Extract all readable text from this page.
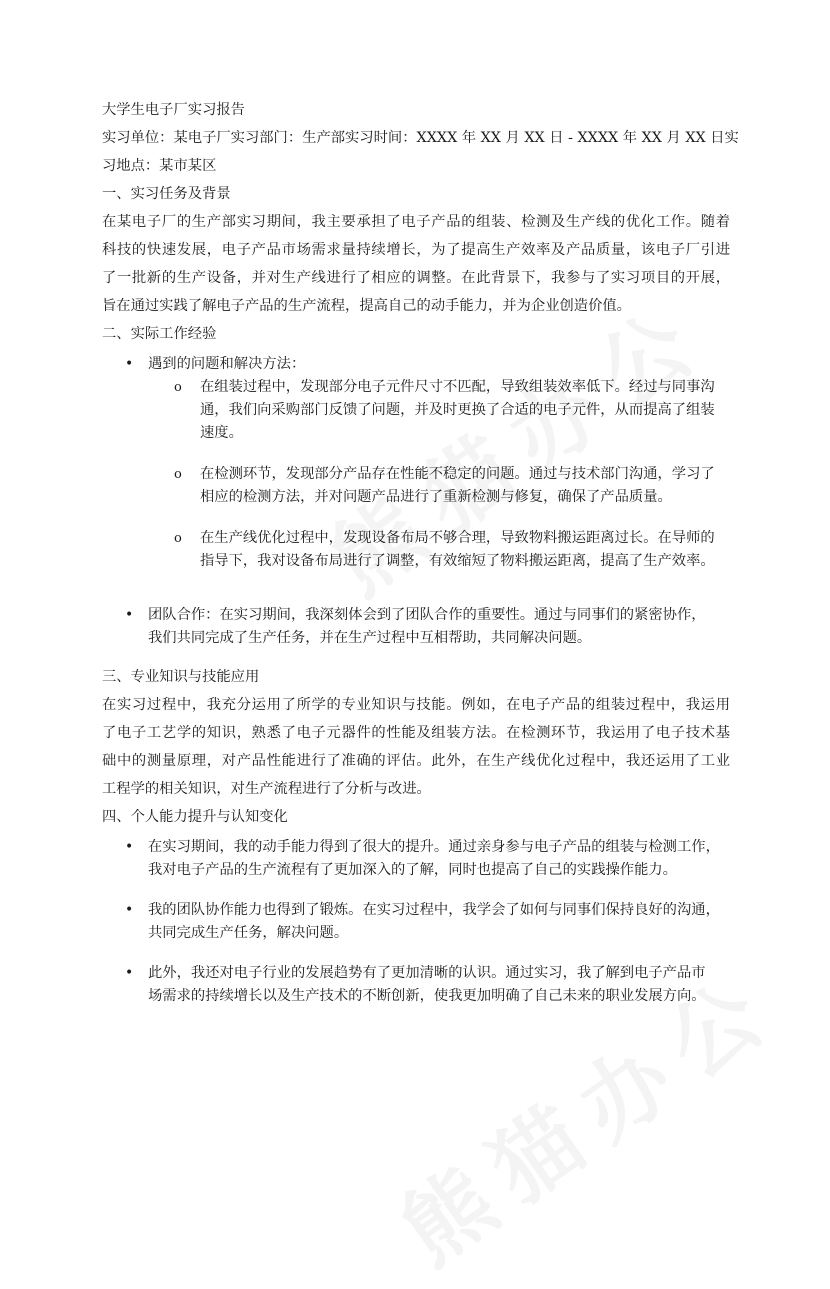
大学生电子厂实习报告
实习单位：某电子厂实习部门：生产部实习时间：XXXX 年 XX 月 XX 日 - XXXX 年 XX 月 XX 日实
习地点：某市某区
一、实习任务及背景
在某电子厂的生产部实习期间，我主要承担了电子产品的组装、检测及生产线的优化工作。随着
科技的快速发展，电子产品市场需求量持续增长，为了提高生产效率及产品质量，该电子厂引进
了一批新的生产设备，并对生产线进行了相应的调整。在此背景下，我参与了实习项目的开展，
旨在通过实践了解电子产品的生产流程，提高自己的动手能力，并为企业创造价值。
二、实际工作经验
• 遇到的问题和解决方法：
o 在组装过程中，发现部分电子元件尺寸不匹配，导致组装效率低下。经过与同事沟
通，我们向采购部门反馈了问题，并及时更换了合适的电子元件，从而提高了组装
速度。
o 在检测环节，发现部分产品存在性能不稳定的问题。通过与技术部门沟通，学习了
相应的检测方法，并对问题产品进行了重新检测与修复，确保了产品质量。
o 在生产线优化过程中，发现设备布局不够合理，导致物料搬运距离过长。在导师的
指导下，我对设备布局进行了调整，有效缩短了物料搬运距离，提高了生产效率。
• 团队合作：在实习期间，我深刻体会到了团队合作的重要性。通过与同事们的紧密协作，
我们共同完成了生产任务，并在生产过程中互相帮助，共同解决问题。
三、专业知识与技能应用
在实习过程中，我充分运用了所学的专业知识与技能。例如，在电子产品的组装过程中，我运用
了电子工艺学的知识，熟悉了电子元器件的性能及组装方法。在检测环节，我运用了电子技术基
础中的测量原理，对产品性能进行了准确的评估。此外，在生产线优化过程中，我还运用了工业
工程学的相关知识，对生产流程进行了分析与改进。
四、个人能力提升与认知变化
• 在实习期间，我的动手能力得到了很大的提升。通过亲身参与电子产品的组装与检测工作，
我对电子产品的生产流程有了更加深入的了解，同时也提高了自己的实践操作能力。
• 我的团队协作能力也得到了锻炼。在实习过程中，我学会了如何与同事们保持良好的沟通，
共同完成生产任务，解决问题。
• 此外，我还对电子行业的发展趋势有了更加清晰的认识。通过实习，我了解到电子产品市
场需求的持续增长以及生产技术的不断创新，使我更加明确了自己未来的职业发展方向。
